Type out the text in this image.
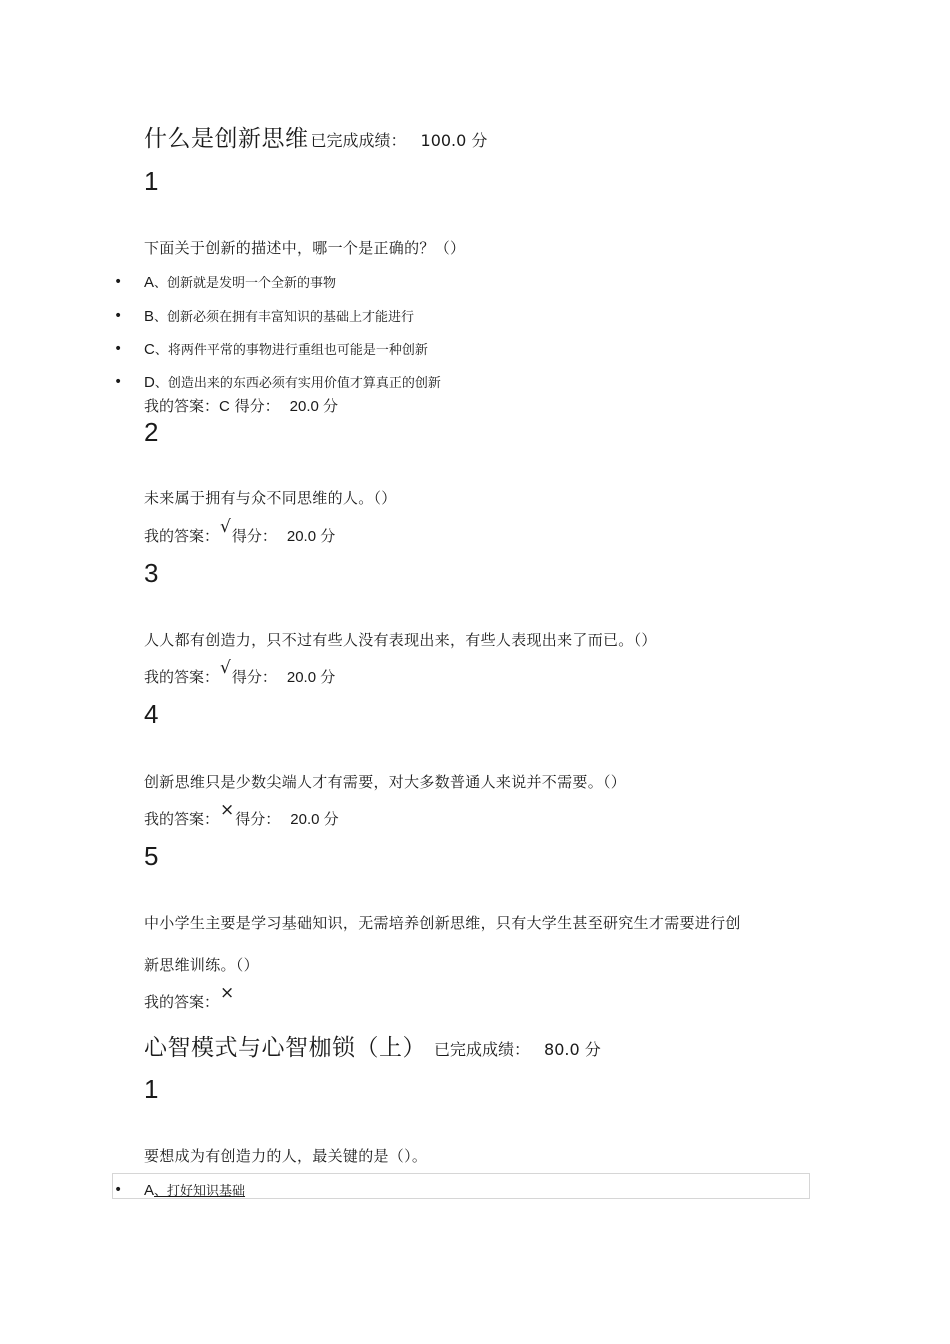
什么是创新思维 已完成成绩： 100.0 分
1
下面关于创新的描述中，哪一个是正确的？（）
• A、创新就是发明一个全新的事物
• B、创新必须在拥有丰富知识的基础上才能进行
• C、将两件平常的事物进行重组也可能是一种创新
• D、创造出来的东西必须有实用价值才算真正的创新
我的答案：C 得分： 20.0 分
2
未来属于拥有与众不同思维的人。（）
我的答案：√得分： 20.0 分
3
人人都有创造力，只不过有些人没有表现出来，有些人表现出来了而已。（）
我的答案：√得分： 20.0 分
4
创新思维只是少数尖端人才有需要，对大多数普通人来说并不需要。（）
我的答案：×得分： 20.0 分
5
中小学生主要是学习基础知识，无需培养创新思维，只有大学生甚至研究生才需要进行创
新思维训练。（）
我的答案：×
心智模式与心智枷锁（上） 已完成成绩： 80.0 分
1
要想成为有创造力的人，最关键的是（）。
• A、打好知识基础
